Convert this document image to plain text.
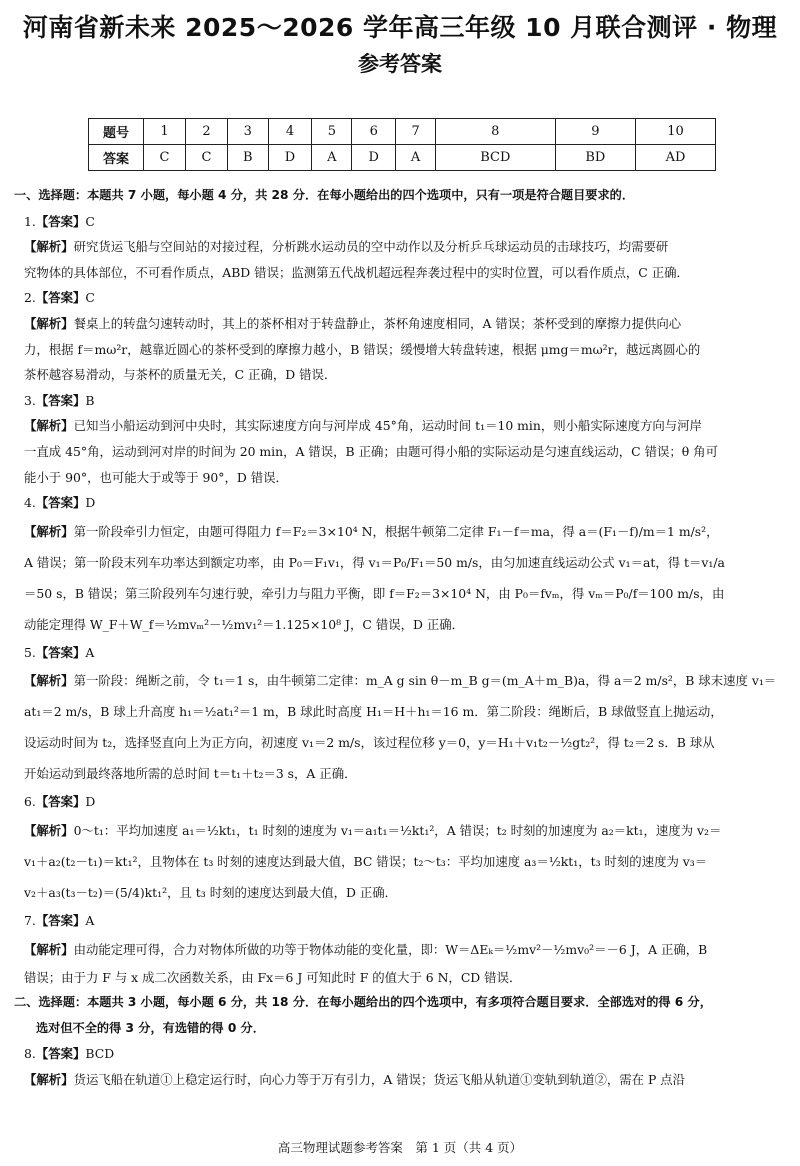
河南省新未来 2025～2026 学年高三年级 10 月联合测评 · 物理
参考答案
题号	1	2	3	4	5	6	7	8	9	10
答案	C	C	B	D	A	D	A	BCD	BD	AD

一、选择题：本题共 7 小题，每小题 4 分，共 28 分．在每小题给出的四个选项中，只有一项是符合题目要求的．

1.【答案】C

【解析】研究货运飞船与空间站的对接过程，分析跳水运动员的空中动作以及分析乒乓球运动员的击球技巧，均需要研

究物体的具体部位，不可看作质点，ABD 错误；监测第五代战机超远程奔袭过程中的实时位置，可以看作质点，C 正确．

2.【答案】C

【解析】餐桌上的转盘匀速转动时，其上的茶杯相对于转盘静止，茶杯角速度相同，A 错误；茶杯受到的摩擦力提供向心

力，根据 f＝mω²r，越靠近圆心的茶杯受到的摩擦力越小，B 错误；缓慢增大转盘转速，根据 μmg＝mω²r，越远离圆心的

茶杯越容易滑动，与茶杯的质量无关，C 正确，D 错误．

3.【答案】B

【解析】已知当小船运动到河中央时，其实际速度方向与河岸成 45°角，运动时间 t₁＝10 min，则小船实际速度方向与河岸

一直成 45°角，运动到河对岸的时间为 20 min，A 错误，B 正确；由题可得小船的实际运动是匀速直线运动，C 错误；θ 角可

能小于 90°，也可能大于或等于 90°，D 错误．

4.【答案】D

【解析】第一阶段牵引力恒定，由题可得阻力 f＝F₂＝3×10⁴ N，根据牛顿第二定律 F₁－f＝ma，得 a＝(F₁－f)/m＝1 m/s²，

A 错误；第一阶段末列车功率达到额定功率，由 P₀＝F₁v₁，得 v₁＝P₀/F₁＝50 m/s，由匀加速直线运动公式 v₁＝at，得 t＝v₁/a

＝50 s，B 错误；第三阶段列车匀速行驶，牵引力与阻力平衡，即 f＝F₂＝3×10⁴ N，由 P₀＝fvₘ，得 vₘ＝P₀/f＝100 m/s，由

动能定理得 W_F＋W_f＝½mvₘ²－½mv₁²＝1.125×10⁸ J，C 错误，D 正确．

5.【答案】A

【解析】第一阶段：绳断之前，令 t₁＝1 s，由牛顿第二定律：m_A g sin θ－m_B g＝(m_A＋m_B)a，得 a＝2 m/s²，B 球末速度 v₁＝

at₁＝2 m/s，B 球上升高度 h₁＝½at₁²＝1 m，B 球此时高度 H₁＝H＋h₁＝16 m．第二阶段：绳断后，B 球做竖直上抛运动，

设运动时间为 t₂，选择竖直向上为正方向，初速度 v₁＝2 m/s，该过程位移 y＝0，y＝H₁＋v₁t₂－½gt₂²，得 t₂＝2 s．B 球从

开始运动到最终落地所需的总时间 t＝t₁＋t₂＝3 s，A 正确．

6.【答案】D

【解析】0～t₁：平均加速度 a₁＝½kt₁，t₁ 时刻的速度为 v₁＝a₁t₁＝½kt₁²，A 错误；t₂ 时刻的加速度为 a₂＝kt₁，速度为 v₂＝

v₁＋a₂(t₂－t₁)＝kt₁²，且物体在 t₃ 时刻的速度达到最大值，BC 错误；t₂～t₃：平均加速度 a₃＝½kt₁，t₃ 时刻的速度为 v₃＝

v₂＋a₃(t₃－t₂)＝(5/4)kt₁²，且 t₃ 时刻的速度达到最大值，D 正确．

7.【答案】A

【解析】由动能定理可得，合力对物体所做的功等于物体动能的变化量，即：W＝ΔEₖ＝½mv²－½mv₀²＝－6 J，A 正确，B

错误；由于力 F 与 x 成二次函数关系，由 Fx＝6 J 可知此时 F 的值大于 6 N，CD 错误．

二、选择题：本题共 3 小题，每小题 6 分，共 18 分．在每小题给出的四个选项中，有多项符合题目要求．全部选对的得 6 分，

选对但不全的得 3 分，有选错的得 0 分．

8.【答案】BCD

【解析】货运飞船在轨道①上稳定运行时，向心力等于万有引力，A 错误；货运飞船从轨道①变轨到轨道②，需在 P 点沿

高三物理试题参考答案　第 1 页（共 4 页）
